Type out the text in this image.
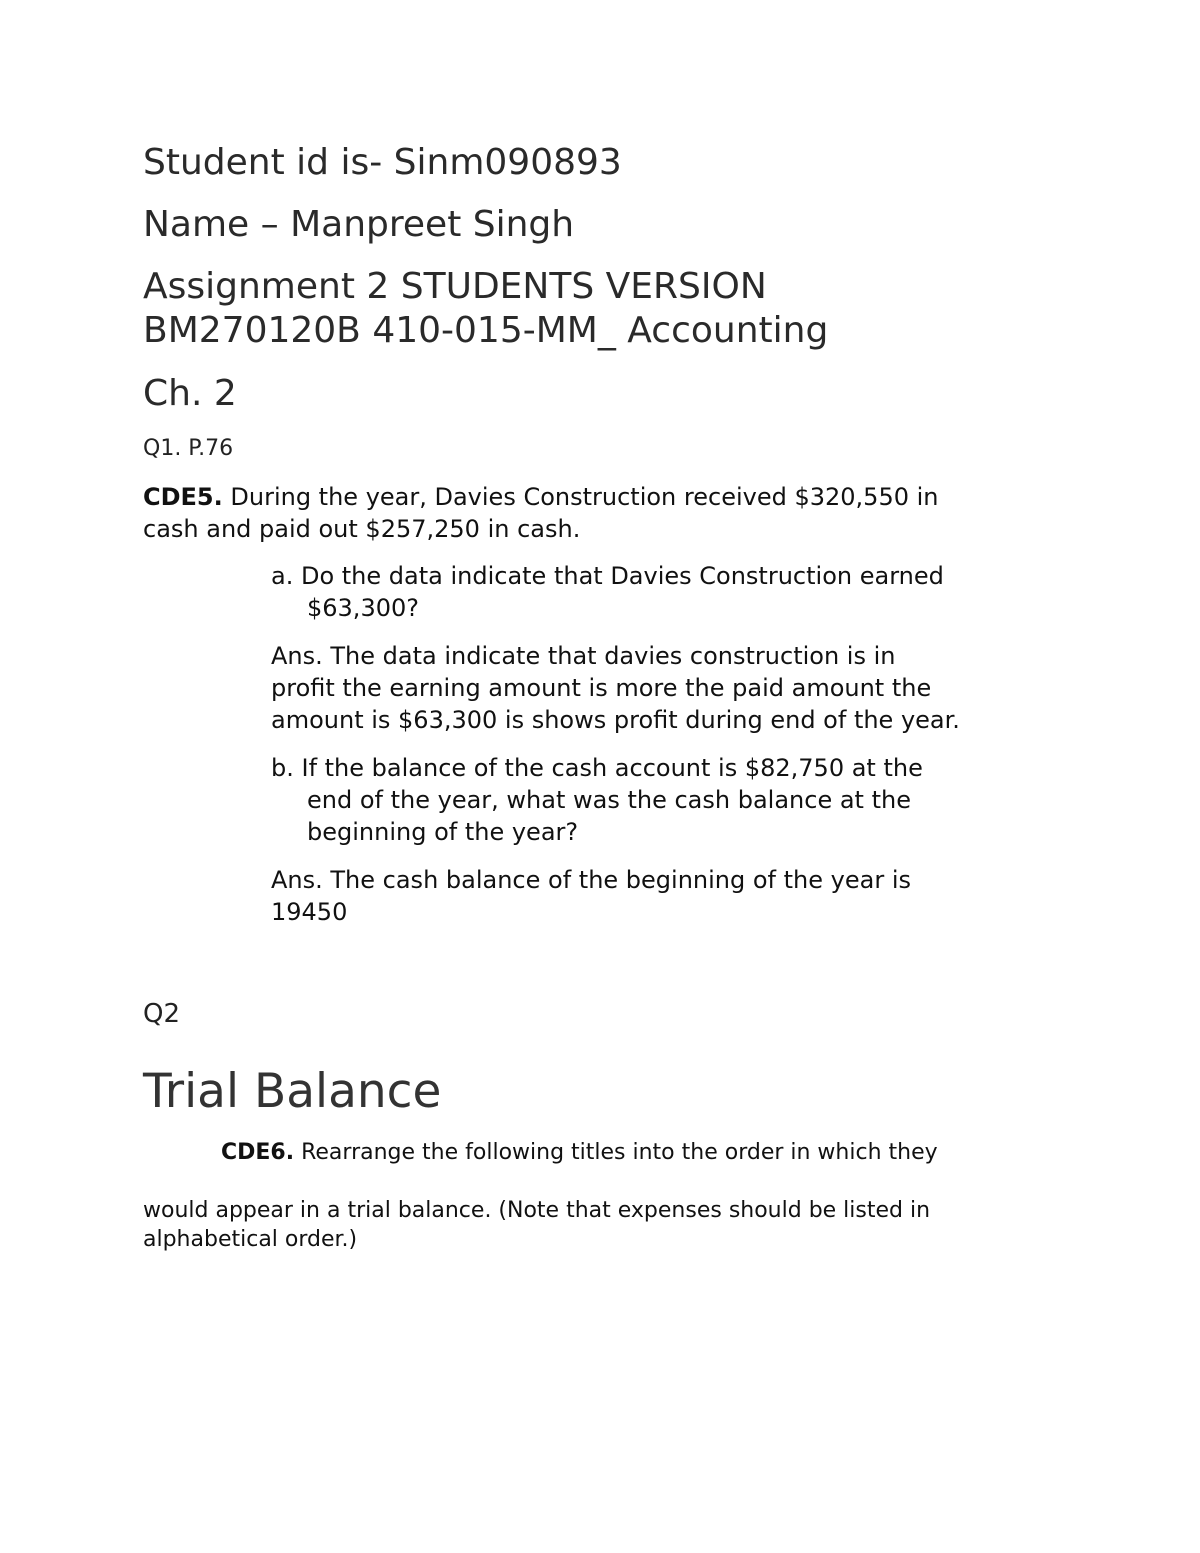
Student id is- Sinm090893

Name – Manpreet Singh

Assignment 2 STUDENTS VERSION

BM270120B 410-015-MM_ Accounting

Ch. 2

Q1. P.76

CDE5. During the year, Davies Construction received $320,550 in

cash and paid out $257,250 in cash.

a. Do the data indicate that Davies Construction earned

$63,300?

Ans. The data indicate that davies construction is in

profit the earning amount is more the paid amount the

amount is $63,300 is shows profit during end of the year.

b. If the balance of the cash account is $82,750 at the

end of the year, what was the cash balance at the

beginning of the year?

Ans. The cash balance of the beginning of the year is

19450

Q2

Trial Balance

CDE6. Rearrange the following titles into the order in which they

would appear in a trial balance. (Note that expenses should be listed in

alphabetical order.)
